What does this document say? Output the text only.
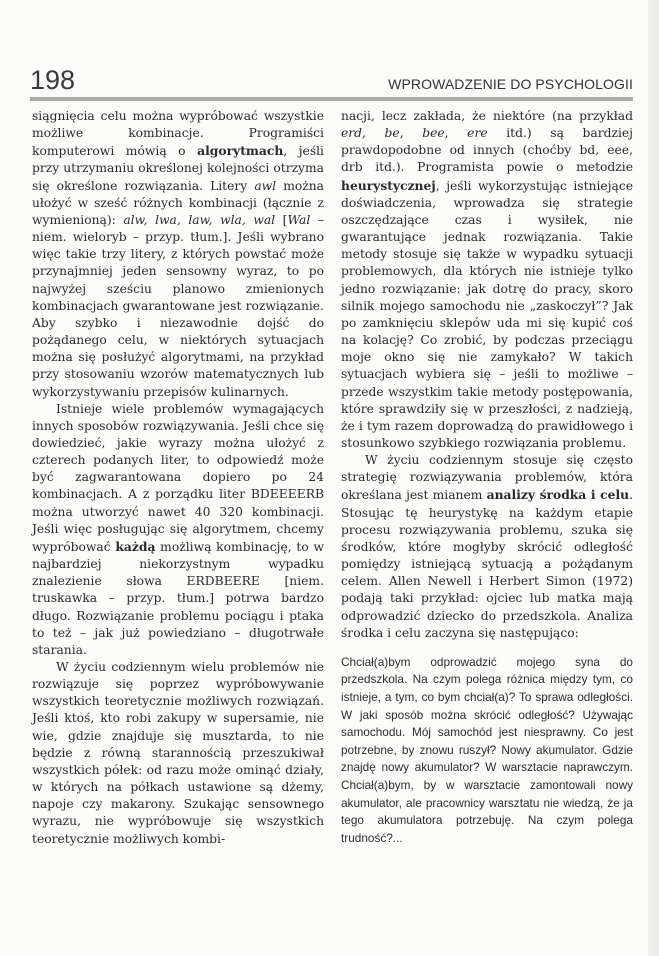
198	WPROWADZENIE DO PSYCHOLOGII

siągnięcia celu można wypróbować wszystkie możliwe kombinacje. Programiści komputerowi mówią o algorytmach, jeśli przy utrzymaniu określonej kolejności otrzyma się określone rozwiązania. Litery awl można ułożyć w sześć różnych kombinacji (łącznie z wymienioną): alw, lwa, law, wla, wal [Wal – niem. wieloryb – przyp. tłum.]. Jeśli wybrano więc takie trzy litery, z których powstać może przynajmniej jeden sensowny wyraz, to po najwyżej sześciu planowo zmienionych kombinacjach gwarantowane jest rozwiązanie. Aby szybko i niezawodnie dojść do pożądanego celu, w niektórych sytuacjach można się posłużyć algorytmami, na przykład przy stosowaniu wzorów matematycznych lub wykorzystywaniu przepisów kulinarnych.

Istnieje wiele problemów wymagających innych sposobów rozwiązywania. Jeśli chce się dowiedzieć, jakie wyrazy można ułożyć z czterech podanych liter, to odpowiedź może być zagwarantowana dopiero po 24 kombinacjach. A z porządku liter BDEEEERB można utworzyć nawet 40 320 kombinacji. Jeśli więc posługując się algorytmem, chcemy wypróbować każdą możliwą kombinację, to w najbardziej niekorzystnym wypadku znalezienie słowa ERDBEERE [niem. truskawka – przyp. tłum.] potrwa bardzo długo. Rozwiązanie problemu pociągu i ptaka to też – jak już powiedziano – długotrwałe starania.

W życiu codziennym wielu problemów nie rozwiązuje się poprzez wypróbowywanie wszystkich teoretycznie możliwych rozwiązań. Jeśli ktoś, kto robi zakupy w supersamie, nie wie, gdzie znajduje się musztarda, to nie będzie z równą starannością przeszukiwał wszystkich półek: od razu może ominąć działy, w których na półkach ustawione są dżemy, napoje czy makarony. Szukając sensownego wyrazu, nie wypróbowuje się wszystkich teoretycznie możliwych kombi-

nacji, lecz zakłada, że niektóre (na przykład erd, be, bee, ere itd.) są bardziej prawdopodobne od innych (choćby bd, eee, drb itd.). Programista powie o metodzie heurystycznej, jeśli wykorzystując istniejące doświadczenia, wprowadza się strategie oszczędzające czas i wysiłek, nie gwarantujące jednak rozwiązania. Takie metody stosuje się także w wypadku sytuacji problemowych, dla których nie istnieje tylko jedno rozwiązanie: jak dotrę do pracy, skoro silnik mojego samochodu nie „zaskoczył”? Jak po zamknięciu sklepów uda mi się kupić coś na kolację? Co zrobić, by podczas przeciągu moje okno się nie zamykało? W takich sytuacjach wybiera się – jeśli to możliwe – przede wszystkim takie metody postępowania, które sprawdziły się w przeszłości, z nadzieją, że i tym razem doprowadzą do prawidłowego i stosunkowo szybkiego rozwiązania problemu.

W życiu codziennym stosuje się często strategię rozwiązywania problemów, która określana jest mianem analizy środka i celu. Stosując tę heurystykę na każdym etapie procesu rozwiązywania problemu, szuka się środków, które mogłyby skrócić odległość pomiędzy istniejącą sytuacją a pożądanym celem. Allen Newell i Herbert Simon (1972) podają taki przykład: ojciec lub matka mają odprowadzić dziecko do przedszkola. Analiza środka i celu zaczyna się następująco:

Chciał(a)bym odprowadzić mojego syna do przedszkola. Na czym polega różnica między tym, co istnieje, a tym, co bym chciał(a)? To sprawa odległości. W jaki sposób można skrócić odległość? Używając samochodu. Mój samochód jest niesprawny. Co jest potrzebne, by znowu ruszył? Nowy akumulator. Gdzie znajdę nowy akumulator? W warsztacie naprawczym. Chciał(a)bym, by w warsztacie zamontowali nowy akumulator, ale pracownicy warsztatu nie wiedzą, że ja tego akumulatora potrzebuję. Na czym polega trudność?...
